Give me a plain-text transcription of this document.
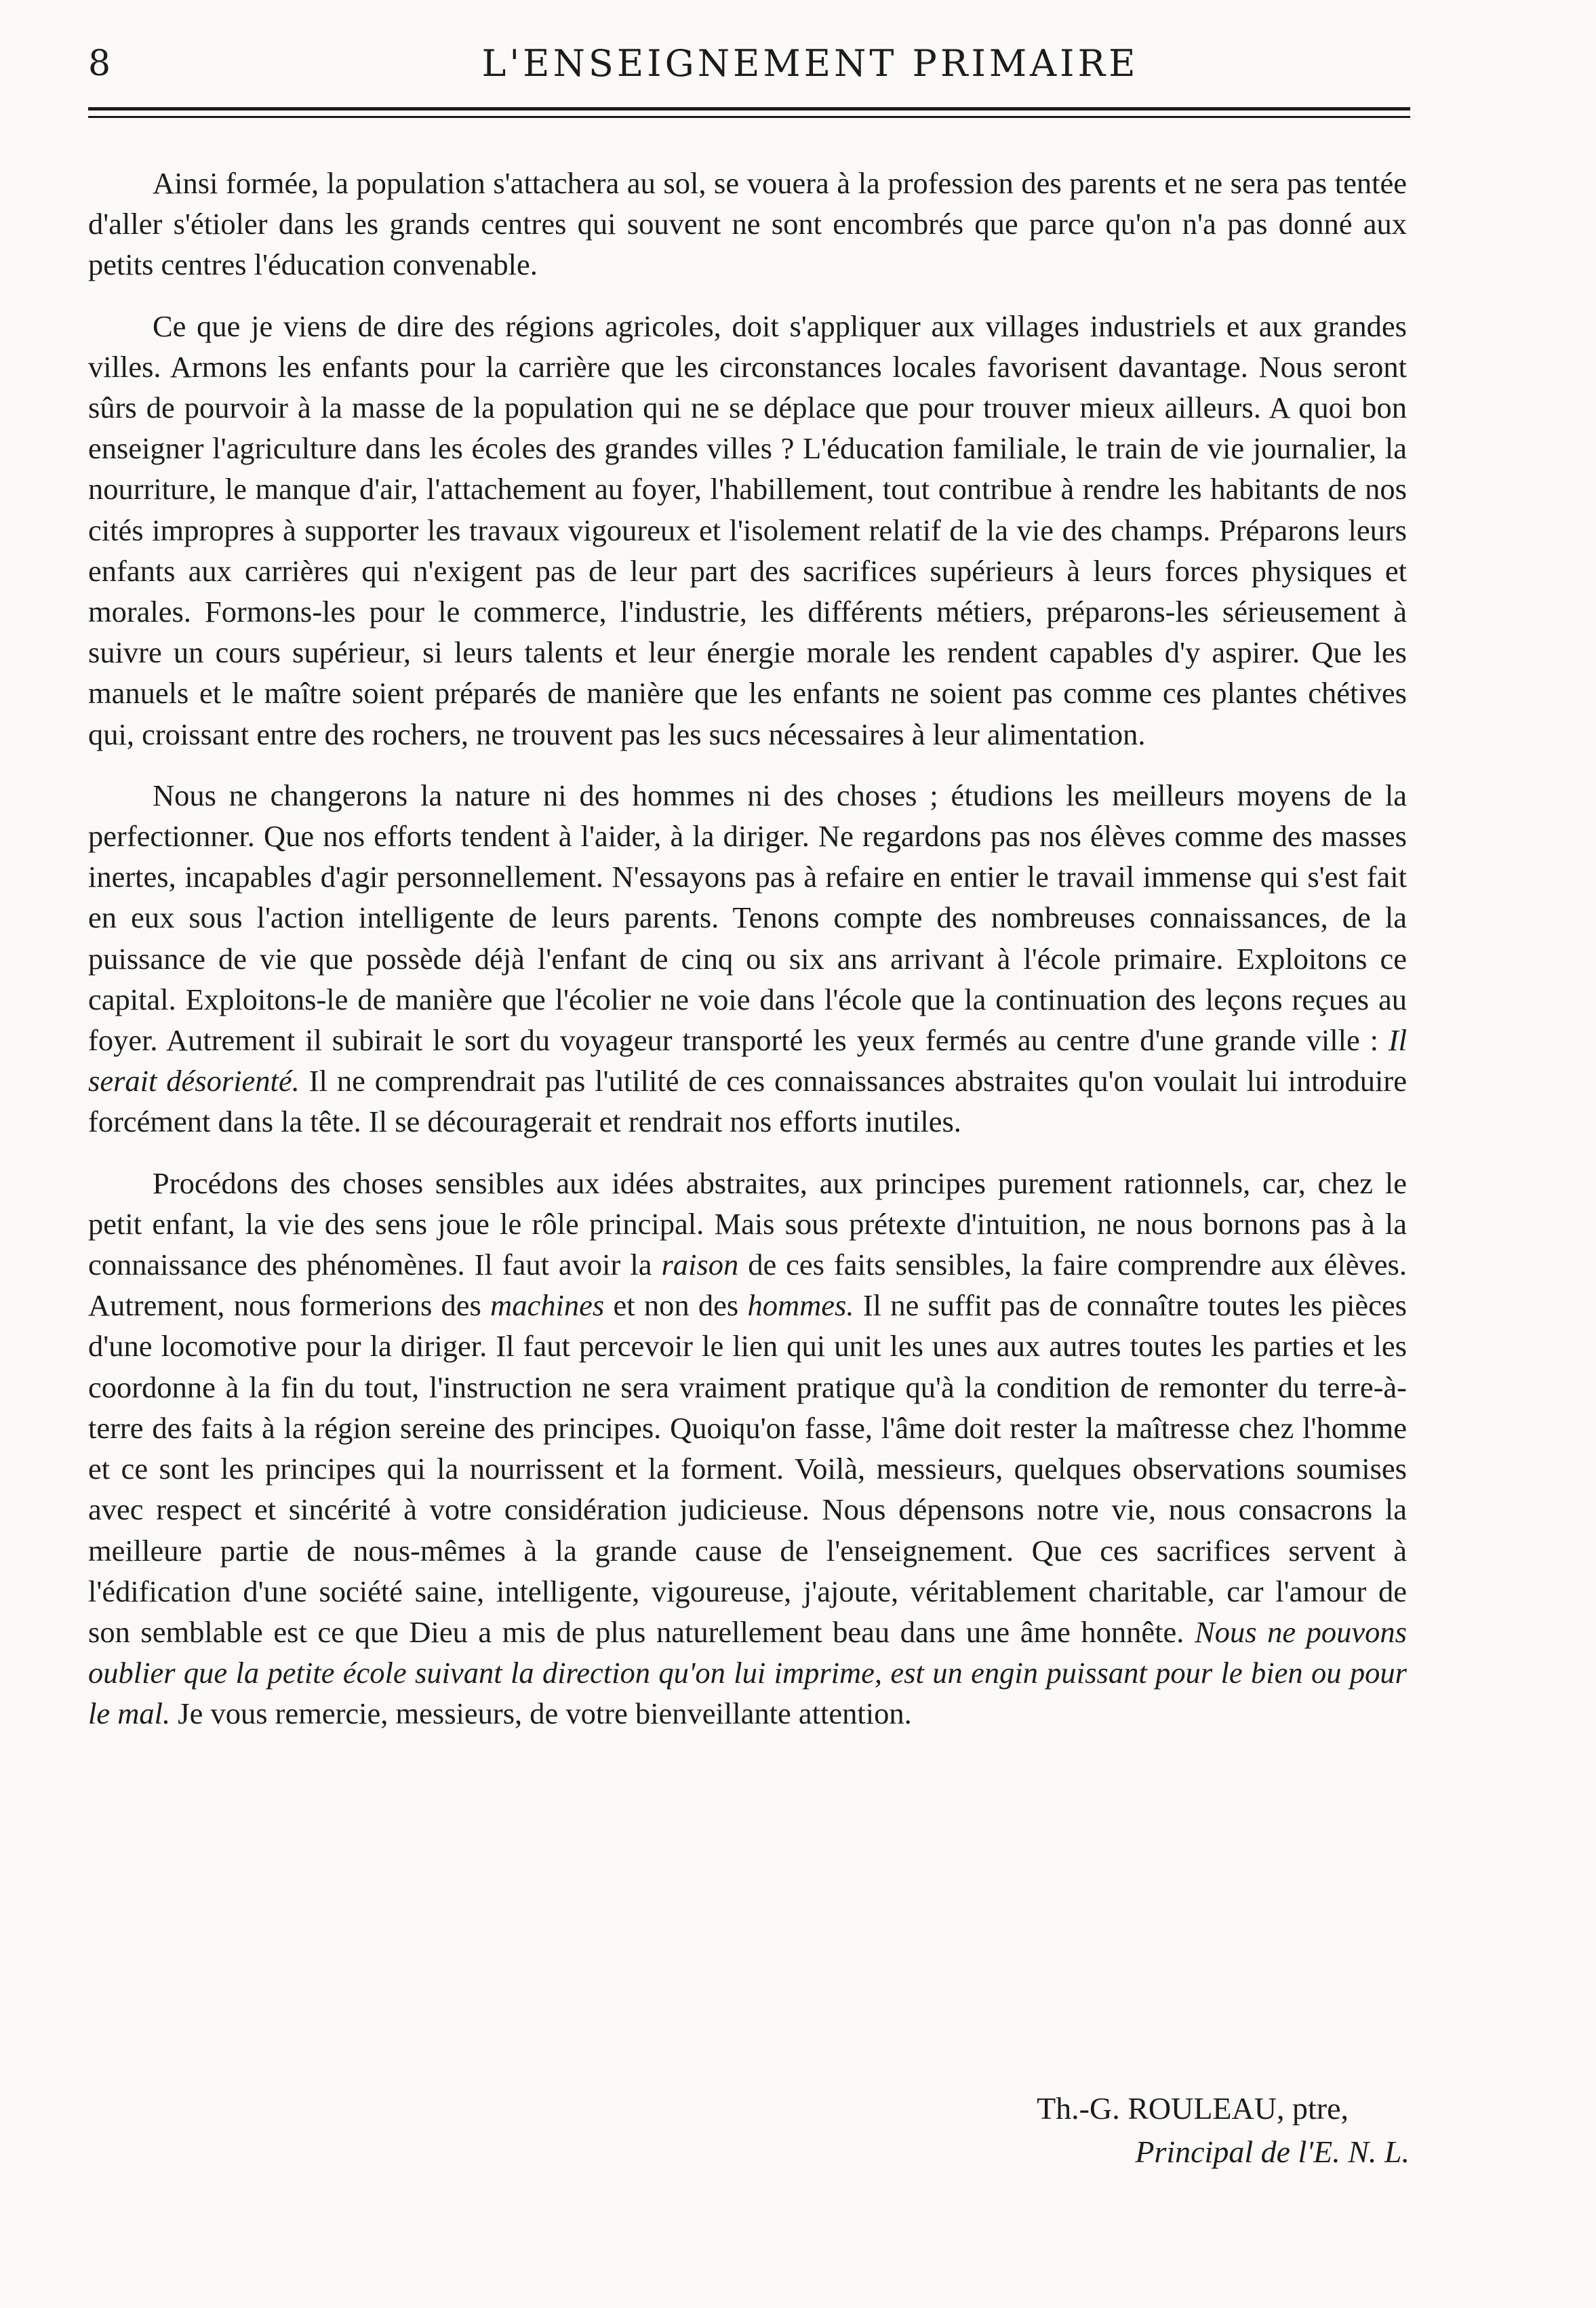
8	L'ENSEIGNEMENT PRIMAIRE

Ainsi formée, la population s'attachera au sol, se vouera à la profession des parents et ne sera pas tentée d'aller s'étioler dans les grands centres qui souvent ne sont encombrés que parce qu'on n'a pas donné aux petits centres l'éducation convenable.

Ce que je viens de dire des régions agricoles, doit s'appliquer aux villages industriels et aux grandes villes. Armons les enfants pour la carrière que les circonstances locales favorisent davantage. Nous seront sûrs de pourvoir à la masse de la population qui ne se déplace que pour trouver mieux ailleurs. A quoi bon enseigner l'agriculture dans les écoles des grandes villes ? L'éducation familiale, le train de vie journalier, la nourriture, le manque d'air, l'attachement au foyer, l'habillement, tout contribue à rendre les habitants de nos cités impropres à supporter les travaux vigoureux et l'isolement relatif de la vie des champs. Préparons leurs enfants aux carrières qui n'exigent pas de leur part des sacrifices supérieurs à leurs forces physiques et morales. Formons-les pour le commerce, l'industrie, les différents métiers, préparons-les sérieusement à suivre un cours supérieur, si leurs talents et leur énergie morale les rendent capables d'y aspirer. Que les manuels et le maître soient préparés de manière que les enfants ne soient pas comme ces plantes chétives qui, croissant entre des rochers, ne trouvent pas les sucs nécessaires à leur alimentation.

Nous ne changerons la nature ni des hommes ni des choses ; étudions les meilleurs moyens de la perfectionner. Que nos efforts tendent à l'aider, à la diriger. Ne regardons pas nos élèves comme des masses inertes, incapables d'agir personnellement. N'essayons pas à refaire en entier le travail immense qui s'est fait en eux sous l'action intelligente de leurs parents. Tenons compte des nombreuses connaissances, de la puissance de vie que possède déjà l'enfant de cinq ou six ans arrivant à l'école primaire. Exploitons ce capital. Exploitons-le de manière que l'écolier ne voie dans l'école que la continuation des leçons reçues au foyer. Autrement il subirait le sort du voyageur transporté les yeux fermés au centre d'une grande ville : Il serait désorienté. Il ne comprendrait pas l'utilité de ces connaissances abstraites qu'on voulait lui introduire forcément dans la tête. Il se découragerait et rendrait nos efforts inutiles.

Procédons des choses sensibles aux idées abstraites, aux principes purement rationnels, car, chez le petit enfant, la vie des sens joue le rôle principal. Mais sous prétexte d'intuition, ne nous bornons pas à la connaissance des phénomènes. Il faut avoir la raison de ces faits sensibles, la faire comprendre aux élèves. Autrement, nous formerions des machines et non des hommes. Il ne suffit pas de connaître toutes les pièces d'une locomotive pour la diriger. Il faut percevoir le lien qui unit les unes aux autres toutes les parties et les coordonne à la fin du tout, l'instruction ne sera vraiment pratique qu'à la condition de remonter du terre-à-terre des faits à la région sereine des principes. Quoiqu'on fasse, l'âme doit rester la maîtresse chez l'homme et ce sont les principes qui la nourrissent et la forment. Voilà, messieurs, quelques observations soumises avec respect et sincérité à votre considération judicieuse. Nous dépensons notre vie, nous consacrons la meilleure partie de nous-mêmes à la grande cause de l'enseignement. Que ces sacrifices servent à l'édification d'une société saine, intelligente, vigoureuse, j'ajoute, véritablement charitable, car l'amour de son semblable est ce que Dieu a mis de plus naturellement beau dans une âme honnête. Nous ne pouvons oublier que la petite école suivant la direction qu'on lui imprime, est un engin puissant pour le bien ou pour le mal. Je vous remercie, messieurs, de votre bienveillante attention.

Th.-G. ROULEAU, ptre,
Principal de l'E. N. L.
